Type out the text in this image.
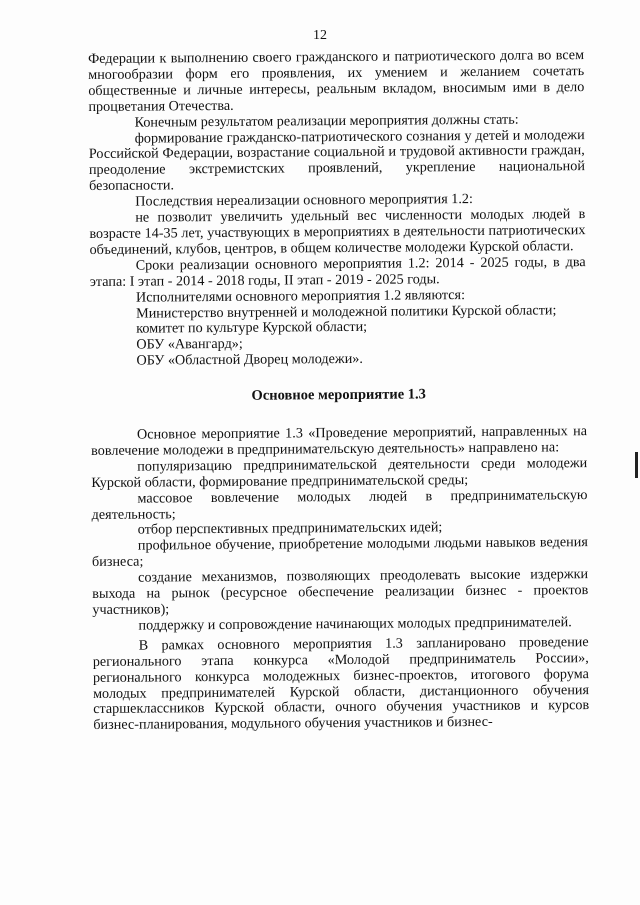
12

Федерации к выполнению своего гражданского и патриотического долга во всем многообразии форм его проявления, их умением и желанием сочетать общественные и личные интересы, реальным вкладом, вносимым ими в дело процветания Отечества.

Конечным результатом реализации мероприятия должны стать:

формирование гражданско-патриотического сознания у детей и молодежи Российской Федерации, возрастание социальной и трудовой активности граждан, преодоление экстремистских проявлений, укрепление национальной безопасности.

Последствия нереализации основного мероприятия 1.2:

не позволит увеличить удельный вес численности молодых людей в возрасте 14-35 лет, участвующих в мероприятиях в деятельности патриотических объединений, клубов, центров, в общем количестве молодежи Курской области.

Сроки реализации основного мероприятия 1.2: 2014 - 2025 годы, в два этапа: I этап - 2014 - 2018 годы, II этап - 2019 - 2025 годы.

Исполнителями основного мероприятия 1.2 являются:

Министерство внутренней и молодежной политики Курской области;

комитет по культуре Курской области;

ОБУ «Авангард»;

ОБУ «Областной Дворец молодежи».

Основное мероприятие 1.3

Основное мероприятие 1.3 «Проведение мероприятий, направленных на вовлечение молодежи в предпринимательскую деятельность» направлено на:

популяризацию предпринимательской деятельности среди молодежи Курской области, формирование предпринимательской среды;

массовое вовлечение молодых людей в предпринимательскую деятельность;

отбор перспективных предпринимательских идей;

профильное обучение, приобретение молодыми людьми навыков ведения бизнеса;

создание механизмов, позволяющих преодолевать высокие издержки выхода на рынок (ресурсное обеспечение реализации бизнес - проектов участников);

поддержку и сопровождение начинающих молодых предпринимателей.

В рамках основного мероприятия 1.3 запланировано проведение регионального этапа конкурса «Молодой предприниматель России», регионального конкурса молодежных бизнес-проектов, итогового форума молодых предпринимателей Курской области, дистанционного обучения старшеклассников Курской области, очного обучения участников и курсов бизнес-планирования, модульного обучения участников и бизнес-
